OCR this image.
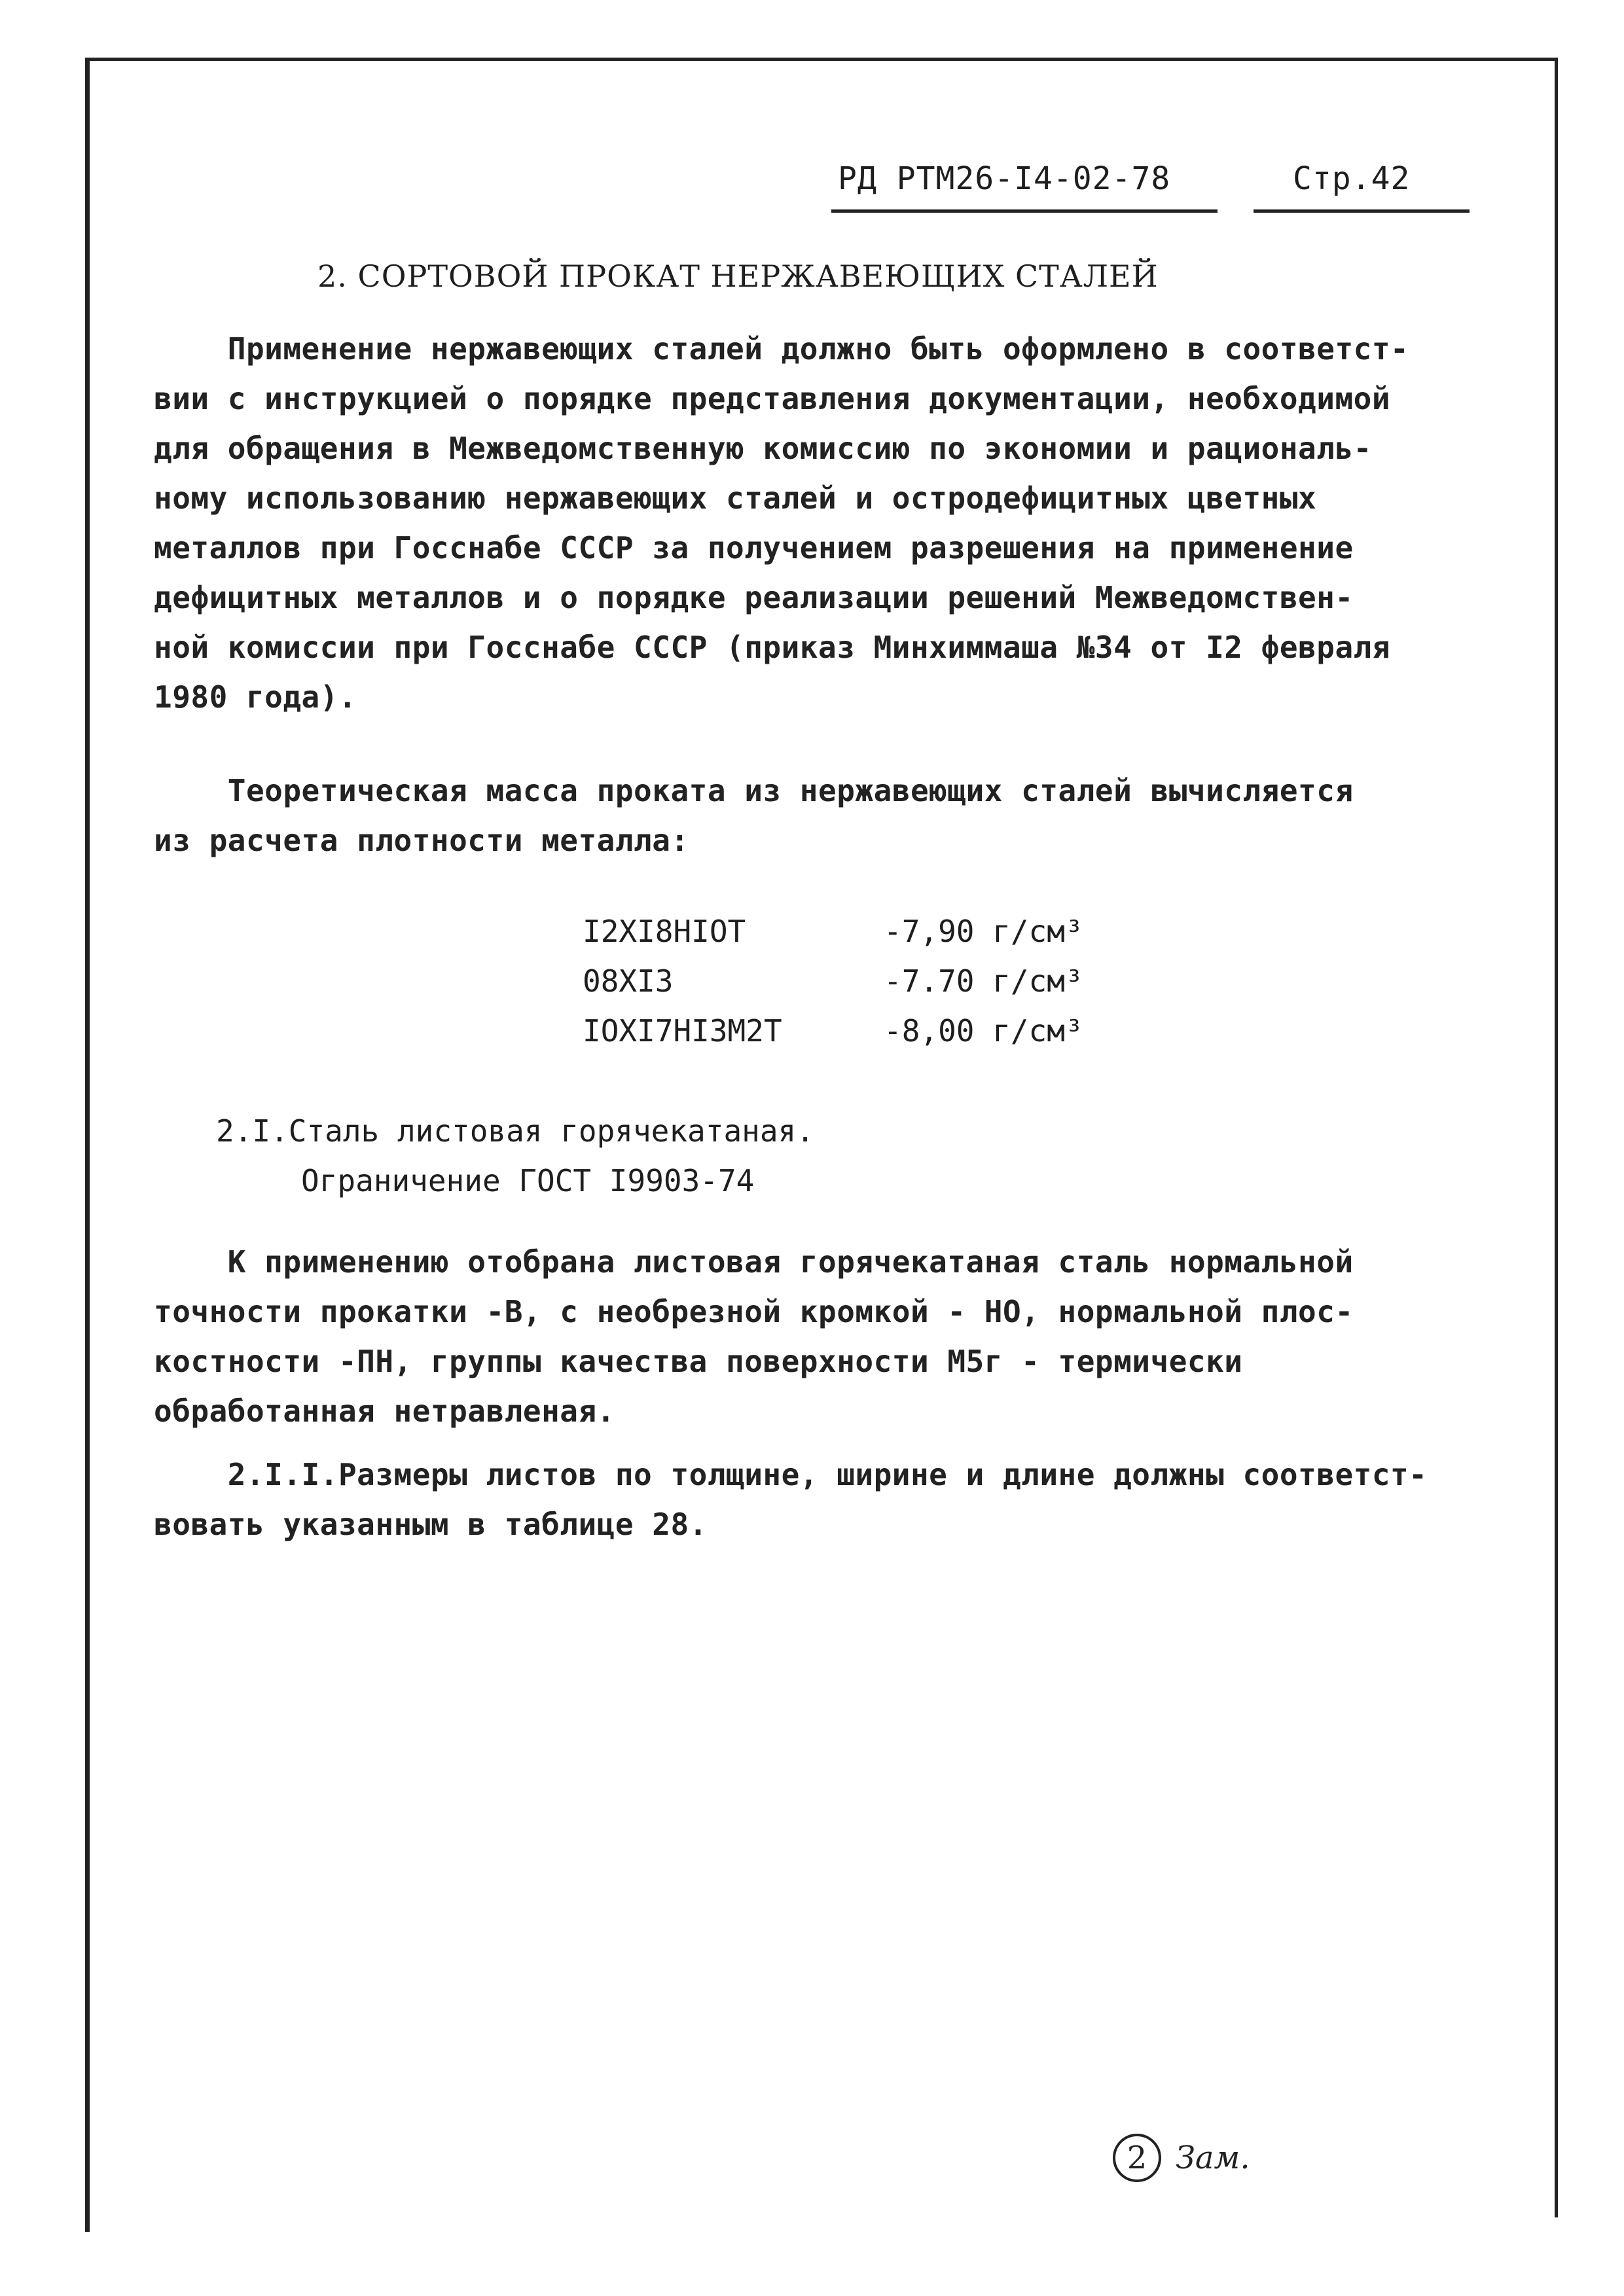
РД РТМ26-I4-02-78	Стр.42
2. СОРТОВОЙ ПРОКАТ НЕРЖАВЕЮЩИХ СТАЛЕЙ
Применение нержавеющих сталей должно быть оформлено в соответст-
вии с инструкцией о порядке представления документации, необходимой
для обращения в Межведомственную комиссию по экономии и рациональ-
ному использованию нержавеющих сталей и остродефицитных цветных
металлов при Госснабе СССР за получением разрешения на применение
дефицитных металлов и о порядке реализации решений Межведомствен-
ной комиссии при Госснабе СССР (приказ Минхиммаша №34 от I2 февраля
1980 года).
Теоретическая масса проката из нержавеющих сталей вычисляется
из расчета плотности металла:
I2XI8HIOT	-7,90 г/см³
08XI3	-7.70 г/см³
IOXI7HI3M2T	-8,00 г/см³
2.I.Сталь листовая горячекатаная.
Ограничение ГОСТ I9903-74
К применению отобрана листовая горячекатаная сталь нормальной
точности прокатки -В, с необрезной кромкой - НО, нормальной плос-
костности -ПН, группы качества поверхности М5г - термически
обработанная нетравленая.
2.I.I.Размеры листов по толщине, ширине и длине должны соответст-
вовать указанным в таблице 28.
2 Зам.
